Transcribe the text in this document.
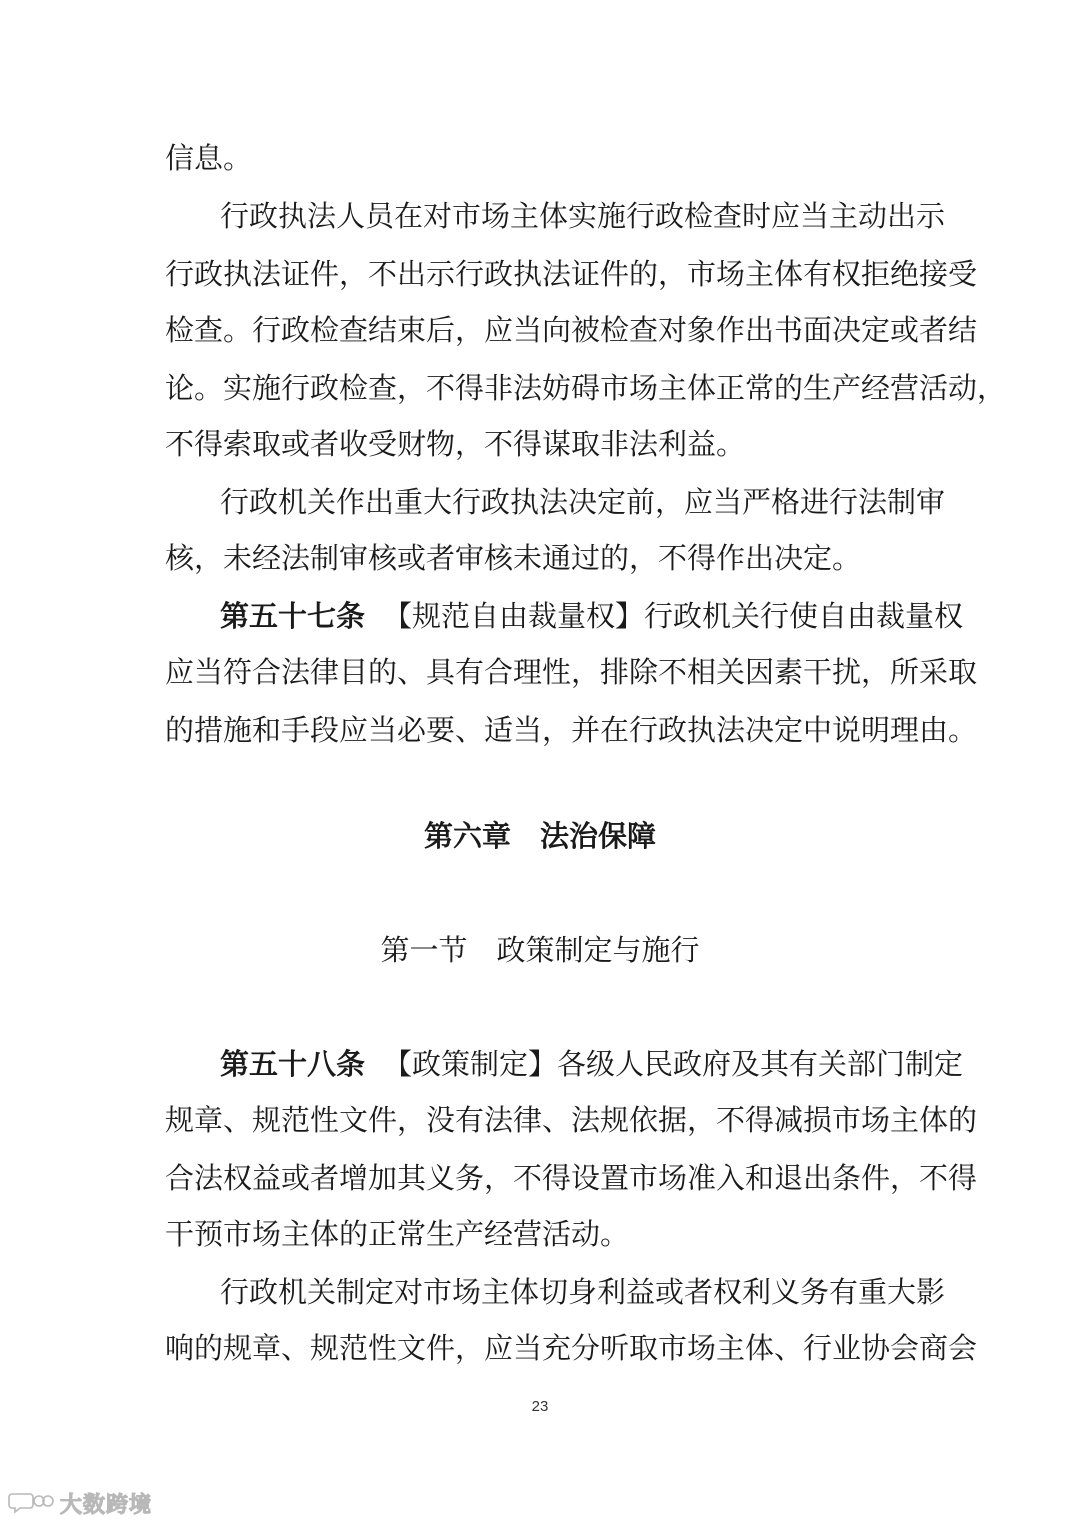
信息。
行政执法人员在对市场主体实施行政检查时应当主动出示
行政执法证件，不出示行政执法证件的，市场主体有权拒绝接受
检查。行政检查结束后，应当向被检查对象作出书面决定或者结
论。实施行政检查，不得非法妨碍市场主体正常的生产经营活动，
不得索取或者收受财物，不得谋取非法利益。
行政机关作出重大行政执法决定前，应当严格进行法制审
核，未经法制审核或者审核未通过的，不得作出决定。
第五十七条 【规范自由裁量权】行政机关行使自由裁量权
应当符合法律目的、具有合理性，排除不相关因素干扰，所采取
的措施和手段应当必要、适当，并在行政执法决定中说明理由。
第六章　法治保障
第一节　政策制定与施行
第五十八条 【政策制定】各级人民政府及其有关部门制定
规章、规范性文件，没有法律、法规依据，不得减损市场主体的
合法权益或者增加其义务，不得设置市场准入和退出条件，不得
干预市场主体的正常生产经营活动。
行政机关制定对市场主体切身利益或者权利义务有重大影
响的规章、规范性文件，应当充分听取市场主体、行业协会商会
23
大数跨境
